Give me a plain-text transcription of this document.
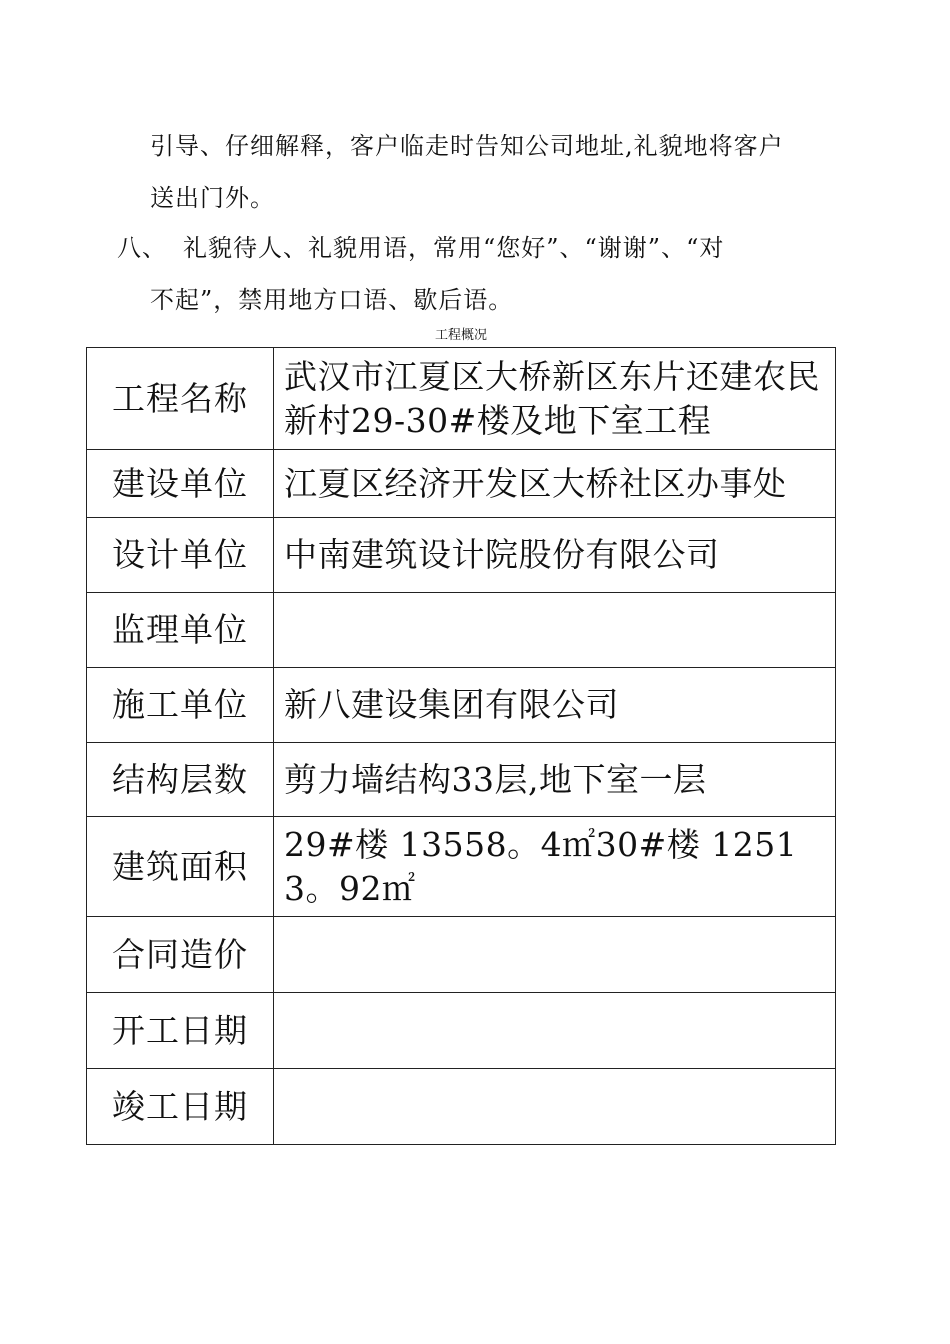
引导、仔细解释，客户临走时告知公司地址,礼貌地将客户
送出门外。
八、 礼貌待人、礼貌用语，常用“您好”、“谢谢”、“对
不起”，禁用地方口语、歇后语。
工程概况
工程名称	武汉市江夏区大桥新区东片还建农民新村29-30#楼及地下室工程
建设单位	江夏区经济开发区大桥社区办事处
设计单位	中南建筑设计院股份有限公司
监理单位	
施工单位	新八建设集团有限公司
结构层数	剪力墙结构33层,地下室一层
建筑面积	29#楼 13558。4㎡30#楼 12513。92㎡
合同造价	
开工日期	
竣工日期	
